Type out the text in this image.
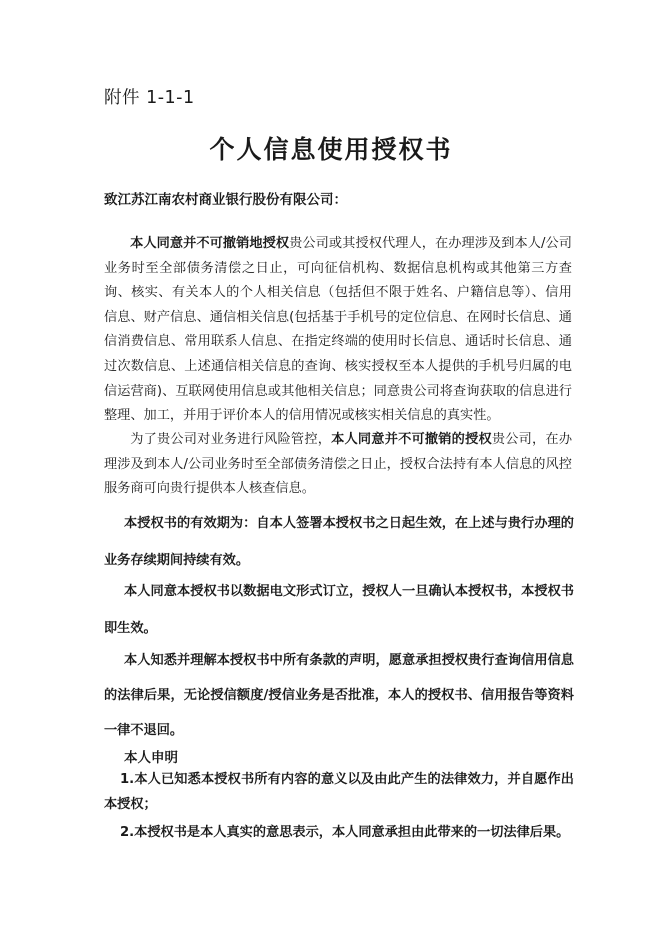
附件 1-1-1
个人信息使用授权书
致江苏江南农村商业银行股份有限公司：

本人同意并不可撤销地授权贵公司或其授权代理人，在办理涉及到本人/公司业务时至全部债务清偿之日止，可向征信机构、数据信息机构或其他第三方查询、核实、有关本人的个人相关信息（包括但不限于姓名、户籍信息等）、信用信息、财产信息、通信相关信息(包括基于手机号的定位信息、在网时长信息、通信消费信息、常用联系人信息、在指定终端的使用时长信息、通话时长信息、通过次数信息、上述通信相关信息的查询、核实授权至本人提供的手机号归属的电信运营商)、互联网使用信息或其他相关信息；同意贵公司将查询获取的信息进行整理、加工，并用于评价本人的信用情况或核实相关信息的真实性。

为了贵公司对业务进行风险管控，本人同意并不可撤销的授权贵公司，在办理涉及到本人/公司业务时至全部债务清偿之日止，授权合法持有本人信息的风控服务商可向贵行提供本人核查信息。

本授权书的有效期为：自本人签署本授权书之日起生效，在上述与贵行办理的业务存续期间持续有效。

本人同意本授权书以数据电文形式订立，授权人一旦确认本授权书，本授权书即生效。

本人知悉并理解本授权书中所有条款的声明，愿意承担授权贵行查询信用信息的法律后果，无论授信额度/授信业务是否批准，本人的授权书、信用报告等资料一律不退回。

本人申明

1.本人已知悉本授权书所有内容的意义以及由此产生的法律效力，并自愿作出本授权；

2.本授权书是本人真实的意思表示，本人同意承担由此带来的一切法律后果。
